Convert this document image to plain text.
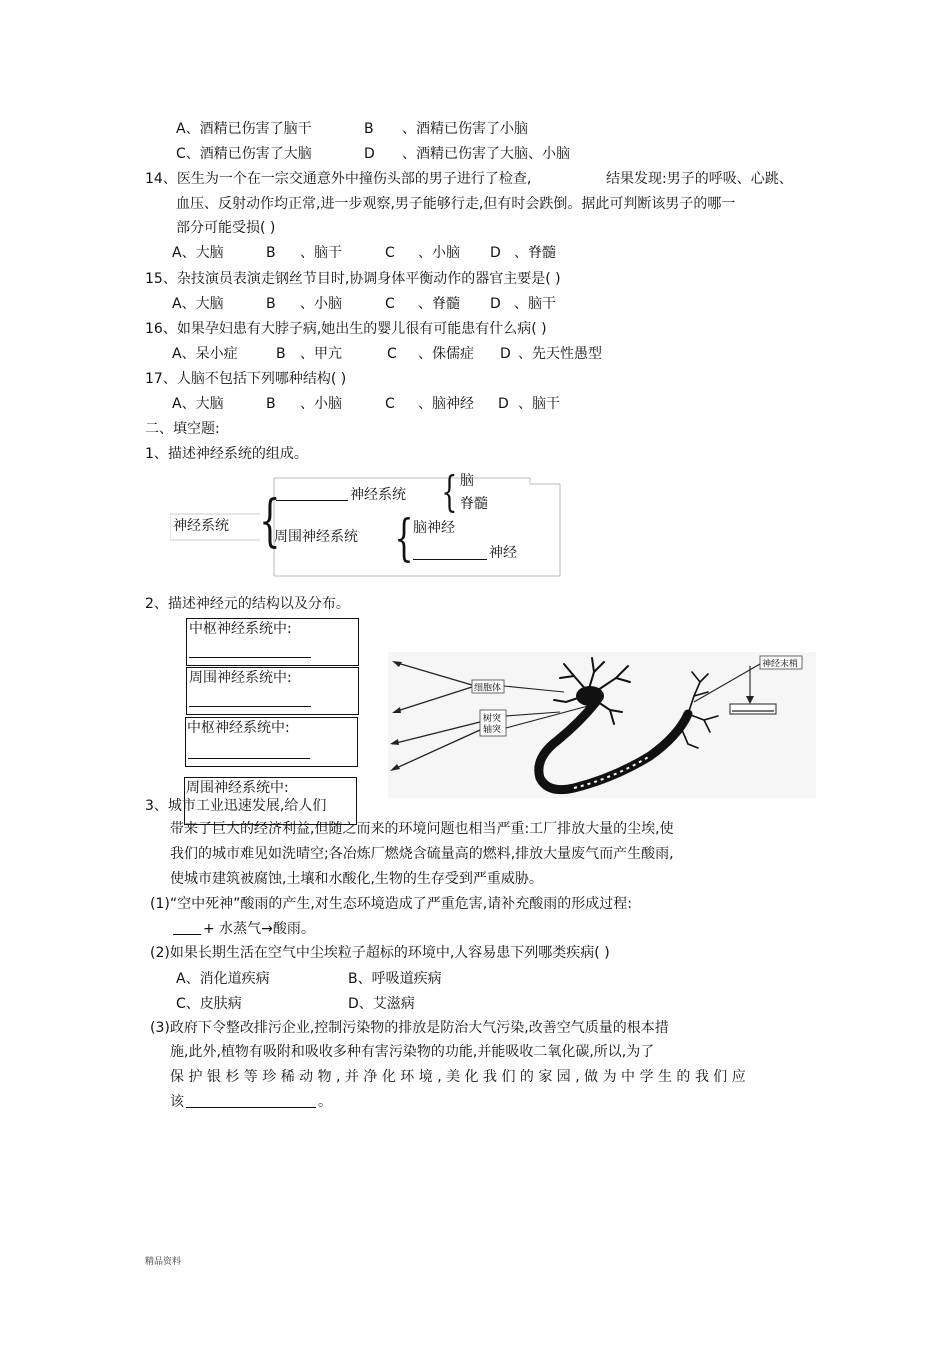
A、酒精已伤害了脑干	B 、酒精已伤害了小脑
C、酒精已伤害了大脑	D 、酒精已伤害了大脑、小脑
14、医生为一个在一宗交通意外中撞伤头部的男子进行了检查,	结果发现:男子的呼吸、心跳、
血压、反射动作均正常,进一步观察,男子能够行走,但有时会跌倒。据此可判断该男子的哪一
部分可能受损( )
A、大脑	B 、脑干	C 、小脑 D 、脊髓
15、杂技演员表演走钢丝节目时,协调身体平衡动作的器官主要是( )
A、大脑	B 、小脑	C 、脊髓 D 、脑干
16、如果孕妇患有大脖子病,她出生的婴儿很有可能患有什么病( )
A、呆小症	B 、甲亢	C 、侏儒症 D 、先天性愚型
17、人脑不包括下列哪种结构( )
A、大脑	B 、小脑	C 、脑神经 D 、脑干
二、填空题:
1、描述神经系统的组成。
神经系统 {	神经系统 { 脑
脊髓
周围神经系统 { 脑神经
神经
2、描述神经元的结构以及分布。
中枢神经系统中:
周围神经系统中:
中枢神经系统中:
周围神经系统中:
细胞体
树突
轴突
神经末梢
3、城市工业迅速发展,给人们
带来了巨大的经济利益,但随之而来的环境问题也相当严重:工厂排放大量的尘埃,使
我们的城市难见如洗晴空;各冶炼厂燃烧含硫量高的燃料,排放大量废气而产生酸雨,
使城市建筑被腐蚀,土壤和水酸化,生物的生存受到严重威胁。
(1)“空中死神”酸雨的产生,对生态环境造成了严重危害,请补充酸雨的形成过程:
+ 水蒸气→酸雨。
(2)如果长期生活在空气中尘埃粒子超标的环境中,人容易患下列哪类疾病( )
A、消化道疾病	B、呼吸道疾病
C、皮肤病	D、艾滋病
(3)政府下令整改排污企业,控制污染物的排放是防治大气污染,改善空气质量的根本措
施,此外,植物有吸附和吸收多种有害污染物的功能,并能吸收二氧化碳,所以,为了
保 护 银 杉 等 珍 稀 动 物 , 并 净 化 环 境 , 美 化 我 们 的 家 园 , 做 为 中 学 生 的 我 们 应
该	。
精品资料
